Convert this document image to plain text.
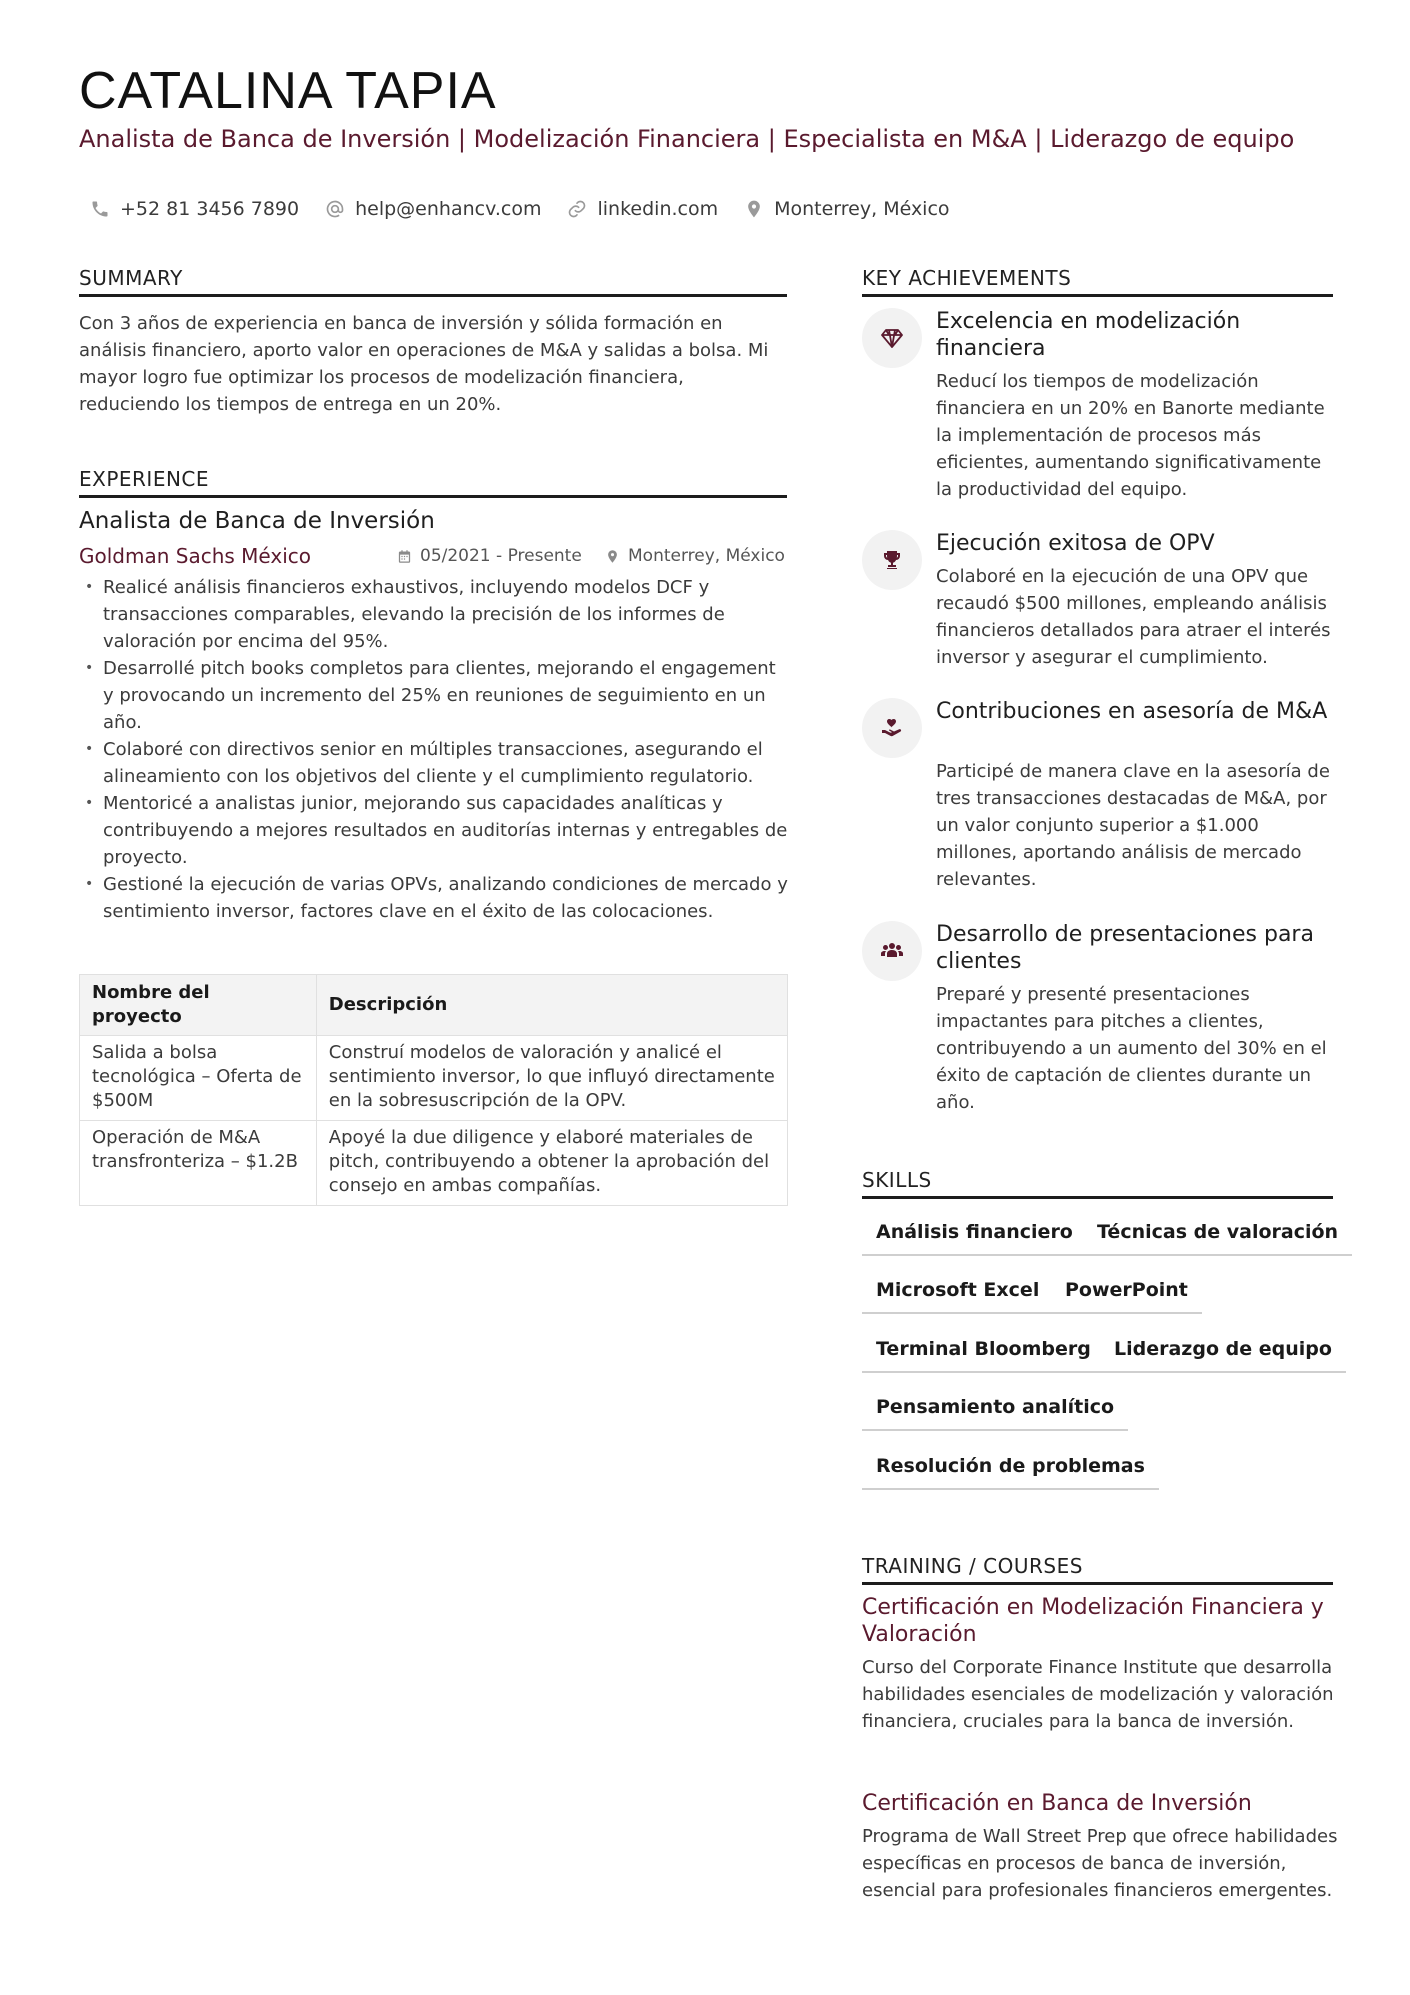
CATALINA TAPIA
Analista de Banca de Inversión | Modelización Financiera | Especialista en M&A | Liderazgo de equipo
+52 81 3456 7890	help@enhancv.com	linkedin.com	Monterrey, México
SUMMARY
Con 3 años de experiencia en banca de inversión y sólida formación en análisis financiero, aporto valor en operaciones de M&A y salidas a bolsa. Mi mayor logro fue optimizar los procesos de modelización financiera, reduciendo los tiempos de entrega en un 20%.
EXPERIENCE
Analista de Banca de Inversión
Goldman Sachs México	05/2021 - Presente	Monterrey, México
• Realicé análisis financieros exhaustivos, incluyendo modelos DCF y transacciones comparables, elevando la precisión de los informes de valoración por encima del 95%.
• Desarrollé pitch books completos para clientes, mejorando el engagement y provocando un incremento del 25% en reuniones de seguimiento en un año.
• Colaboré con directivos senior en múltiples transacciones, asegurando el alineamiento con los objetivos del cliente y el cumplimiento regulatorio.
• Mentoricé a analistas junior, mejorando sus capacidades analíticas y contribuyendo a mejores resultados en auditorías internas y entregables de proyecto.
• Gestioné la ejecución de varias OPVs, analizando condiciones de mercado y sentimiento inversor, factores clave en el éxito de las colocaciones.
Nombre del proyecto	Descripción
Salida a bolsa tecnológica – Oferta de $500M	Construí modelos de valoración y analicé el sentimiento inversor, lo que influyó directamente en la sobresuscripción de la OPV.
Operación de M&A transfronteriza – $1.2B	Apoyé la due diligence y elaboré materiales de pitch, contribuyendo a obtener la aprobación del consejo en ambas compañías.
KEY ACHIEVEMENTS
Excelencia en modelización financiera
Reducí los tiempos de modelización financiera en un 20% en Banorte mediante la implementación de procesos más eficientes, aumentando significativamente la productividad del equipo.
Ejecución exitosa de OPV
Colaboré en la ejecución de una OPV que recaudó $500 millones, empleando análisis financieros detallados para atraer el interés inversor y asegurar el cumplimiento.
Contribuciones en asesoría de M&A
Participé de manera clave en la asesoría de tres transacciones destacadas de M&A, por un valor conjunto superior a $1.000 millones, aportando análisis de mercado relevantes.
Desarrollo de presentaciones para clientes
Preparé y presenté presentaciones impactantes para pitches a clientes, contribuyendo a un aumento del 30% en el éxito de captación de clientes durante un año.
SKILLS
Análisis financiero	Técnicas de valoración
Microsoft Excel	PowerPoint
Terminal Bloomberg	Liderazgo de equipo
Pensamiento analítico
Resolución de problemas
TRAINING / COURSES
Certificación en Modelización Financiera y Valoración
Curso del Corporate Finance Institute que desarrolla habilidades esenciales de modelización y valoración financiera, cruciales para la banca de inversión.
Certificación en Banca de Inversión
Programa de Wall Street Prep que ofrece habilidades específicas en procesos de banca de inversión, esencial para profesionales financieros emergentes.
